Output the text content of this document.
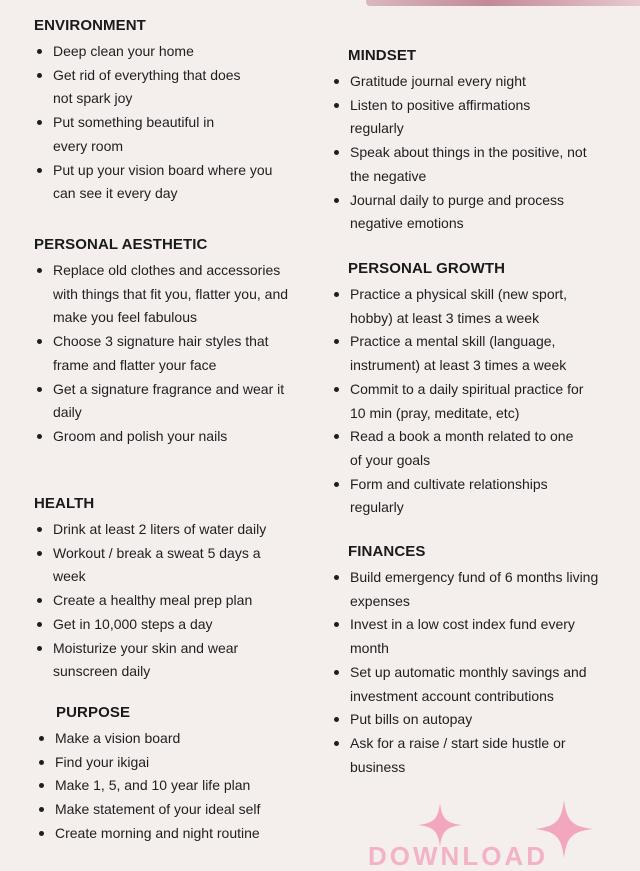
ENVIRONMENT
Deep clean your home
Get rid of everything that does not spark joy
Put something beautiful in every room
Put up your vision board where you can see it every day
PERSONAL AESTHETIC
Replace old clothes and accessories with things that fit you, flatter you, and make you feel fabulous
Choose 3 signature hair styles that frame and flatter your face
Get a signature fragrance and wear it daily
Groom and polish your nails
HEALTH
Drink at least 2 liters of water daily
Workout / break a sweat 5 days a week
Create a healthy meal prep plan
Get in 10,000 steps a day
Moisturize your skin and wear sunscreen daily
PURPOSE
Make a vision board
Find your ikigai
Make 1, 5, and 10 year life plan
Make statement of your ideal self
Create morning and night routine
MINDSET
Gratitude journal every night
Listen to positive affirmations regularly
Speak about things in the positive, not the negative
Journal daily to purge and process negative emotions
PERSONAL GROWTH
Practice a physical skill (new sport, hobby) at least 3 times a week
Practice a mental skill (language, instrument) at least 3 times a week
Commit to a daily spiritual practice for 10 min (pray, meditate, etc)
Read a book a month related to one of your goals
Form and cultivate relationships regularly
FINANCES
Build emergency fund of 6 months living expenses
Invest in a low cost index fund every month
Set up automatic monthly savings and investment account contributions
Put bills on autopay
Ask for a raise / start side hustle or business
DOWNLOAD
